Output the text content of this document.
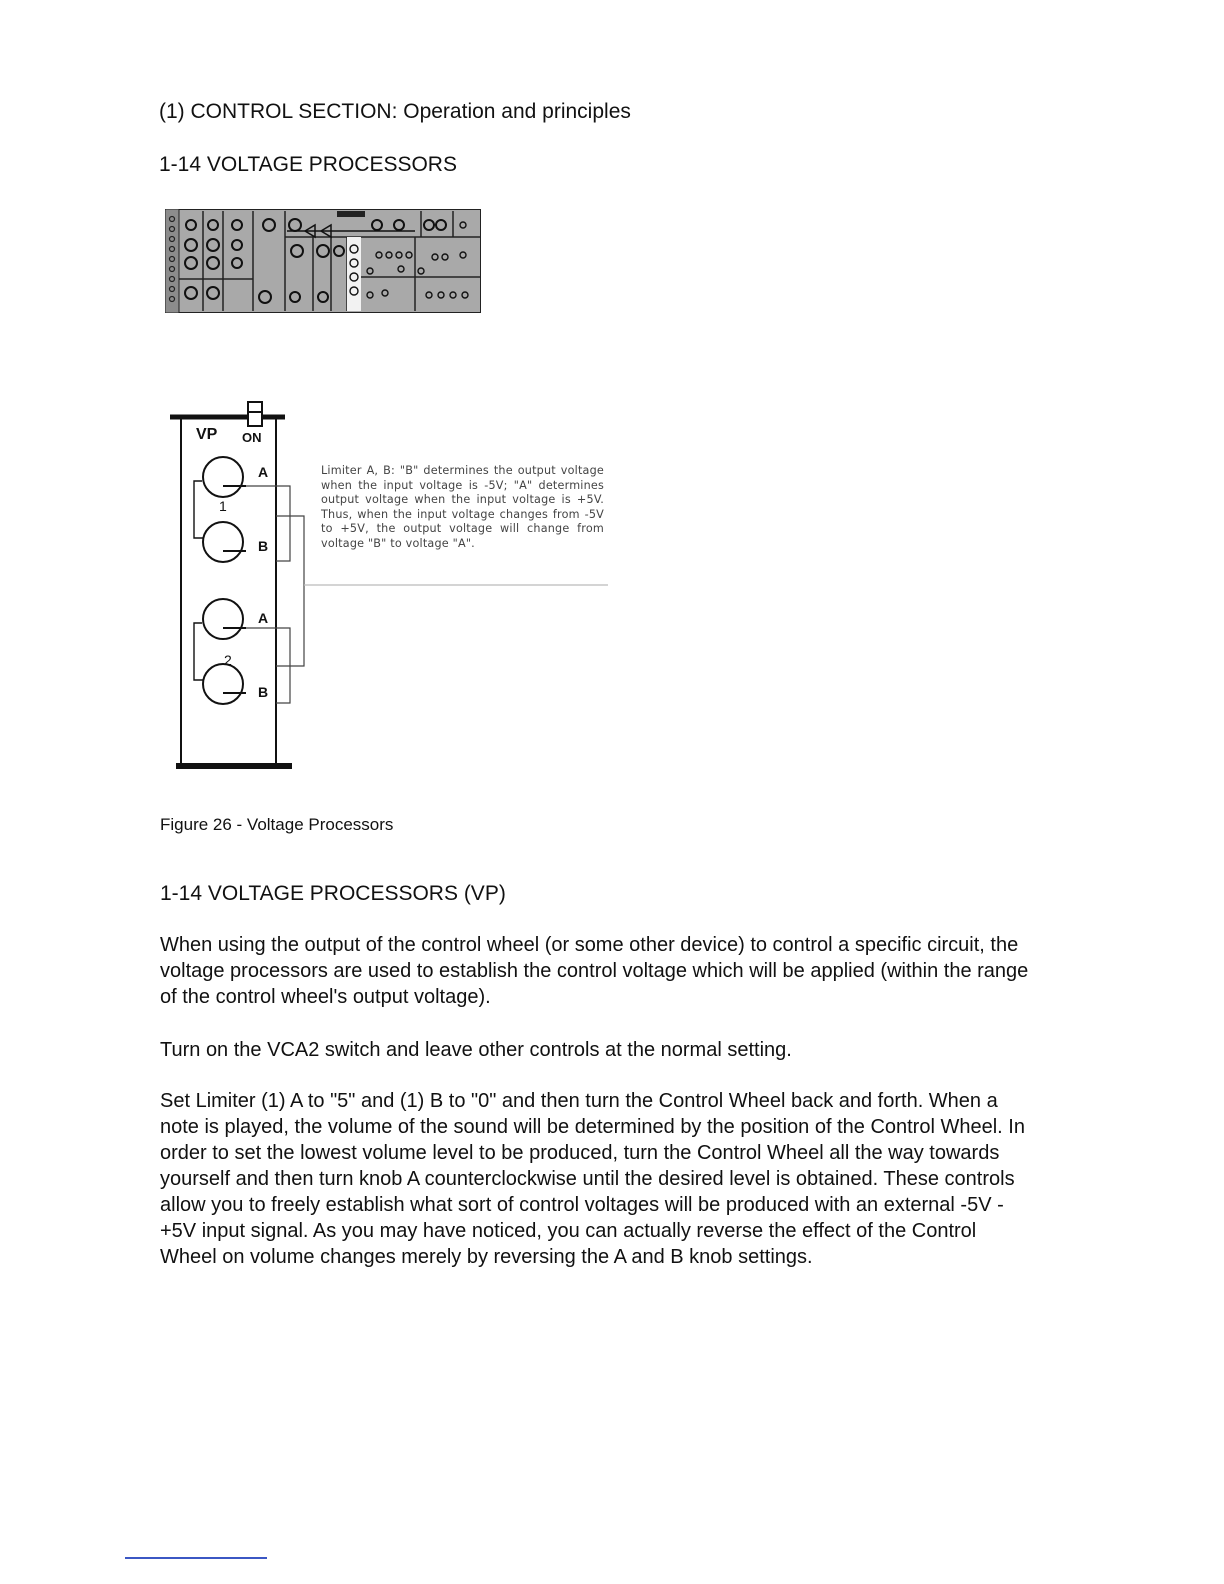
(1) CONTROL SECTION: Operation and principles
1-14 VOLTAGE PROCESSORS
VP ON
A
B
A
B
1
2
Limiter A, B: "B" determines the output voltage when the input voltage is -5V; "A" determines output voltage when the input voltage is +5V. Thus, when the input voltage changes from -5V to +5V, the output voltage will change from voltage "B" to voltage "A".
Figure 26 - Voltage Processors
1-14 VOLTAGE PROCESSORS (VP)

When using the output of the control wheel (or some other device) to control a specific circuit, the voltage processors are used to establish the control voltage which will be applied (within the range of the control wheel's output voltage).

Turn on the VCA2 switch and leave other controls at the normal setting.

Set Limiter (1) A to "5" and (1) B to "0" and then turn the Control Wheel back and forth. When a note is played, the volume of the sound will be determined by the position of the Control Wheel. In order to set the lowest volume level to be produced, turn the Control Wheel all the way towards yourself and then turn knob A counterclockwise until the desired level is obtained. These controls allow you to freely establish what sort of control voltages will be produced with an external -5V - +5V input signal. As you may have noticed, you can actually reverse the effect of the Control Wheel on volume changes merely by reversing the A and B knob settings.
